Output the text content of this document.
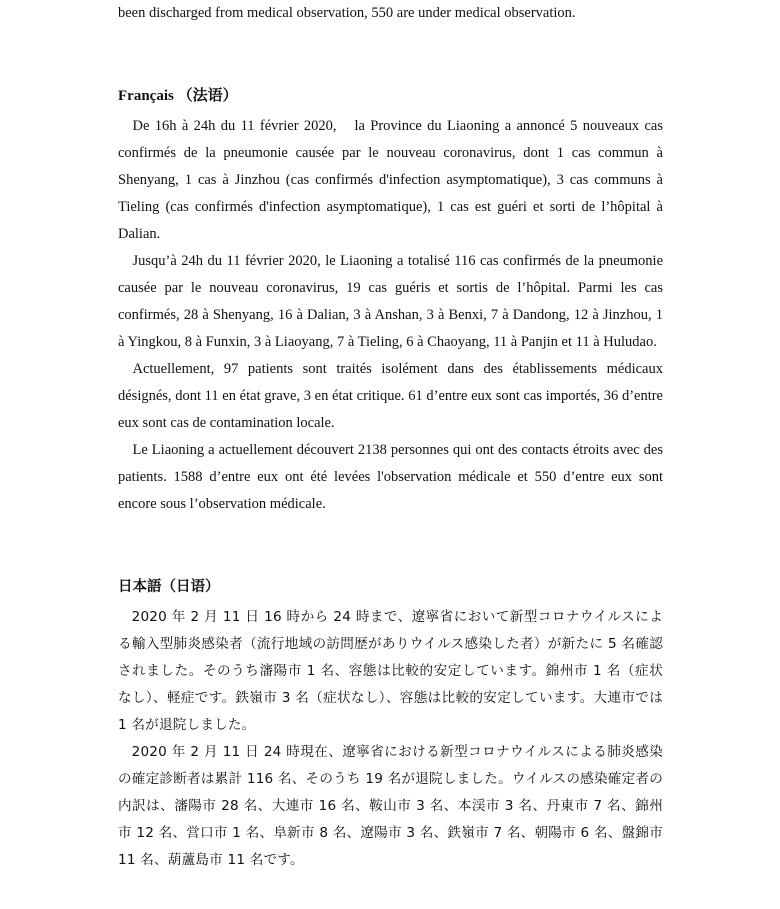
been discharged from medical observation, 550 are under medical observation.
Français （法语）

De 16h à 24h du 11 février 2020,　la Province du Liaoning a annoncé 5 nouveaux cas confirmés de la pneumonie causée par le nouveau coronavirus, dont 1 cas commun à Shenyang, 1 cas à Jinzhou (cas confirmés d'infection asymptomatique), 3 cas communs à Tieling (cas confirmés d'infection asymptomatique), 1 cas est guéri et sorti de l’hôpital à Dalian.

Jusqu’à 24h du 11 février 2020, le Liaoning a totalisé 116 cas confirmés de la pneumonie causée par le nouveau coronavirus, 19 cas guéris et sortis de l’hôpital. Parmi les cas confirmés, 28 à Shenyang, 16 à Dalian, 3 à Anshan, 3 à Benxi, 7 à Dandong, 12 à Jinzhou, 1 à Yingkou, 8 à Funxin, 3 à Liaoyang, 7 à Tieling, 6 à Chaoyang, 11 à Panjin et 11 à Huludao.

Actuellement, 97 patients sont traités isolément dans des établissements médicaux désignés, dont 11 en état grave, 3 en état critique. 61 d’entre eux sont cas importés, 36 d’entre eux sont cas de contamination locale.

Le Liaoning a actuellement découvert 2138 personnes qui ont des contacts étroits avec des patients. 1588 d’entre eux ont été levées l'observation médicale et 550 d’entre eux sont encore sous l’observation médicale.

日本語（日语）

2020 年 2 月 11 日 16 時から 24 時まで、遼寧省において新型コロナウイルスによる輸入型肺炎感染者（流行地域の訪問歴がありウイルス感染した者）が新たに 5 名確認されました。そのうち瀋陽市 1 名、容態は比較的安定しています。錦州市 1 名（症状なし）、軽症です。鉄嶺市 3 名（症状なし）、容態は比較的安定しています。大連市では 1 名が退院しました。

2020 年 2 月 11 日 24 時現在、遼寧省における新型コロナウイルスによる肺炎感染の確定診断者は累計 116 名、そのうち 19 名が退院しました。ウイルスの感染確定者の内訳は、瀋陽市 28 名、大連市 16 名、鞍山市 3 名、本渓市 3 名、丹東市 7 名、錦州市 12 名、営口市 1 名、阜新市 8 名、遼陽市 3 名、鉄嶺市 7 名、朝陽市 6 名、盤錦市 11 名、葫蘆島市 11 名です。
